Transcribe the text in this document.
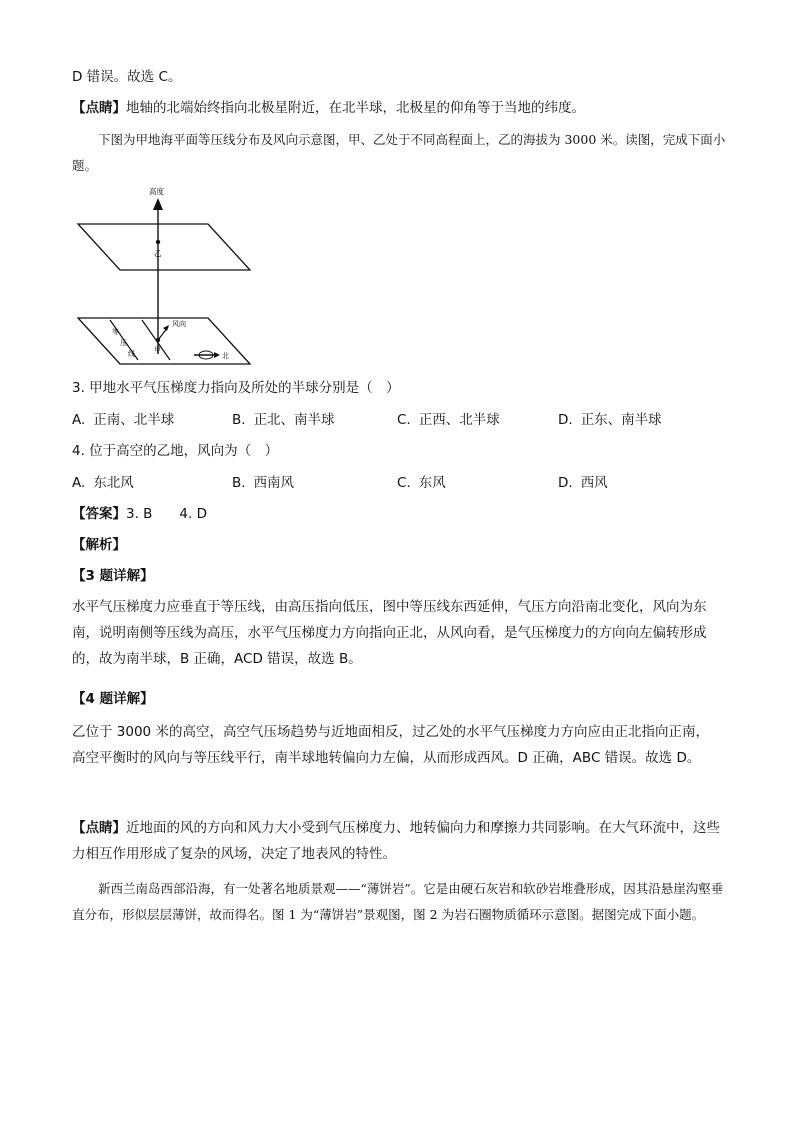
D 错误。故选 C。
【点睛】地轴的北端始终指向北极星附近，在北半球，北极星的仰角等于当地的纬度。
下图为甲地海平面等压线分布及风向示意图，甲、乙处于不同高程面上，乙的海拔为 3000 米。读图，完成下面小题。
高度
乙
等
压
线	甲
风向
北
3. 甲地水平气压梯度力指向及所处的半球分别是（　）
A. 正南、北半球	B. 正北、南半球	C. 正西、北半球	D. 正东、南半球
4. 位于高空的乙地，风向为（　）
A. 东北风	B. 西南风	C. 东风	D. 西风
【答案】3. B　　4. D
【解析】
【3 题详解】
水平气压梯度力应垂直于等压线，由高压指向低压，图中等压线东西延伸，气压方向沿南北变化，风向为东南，说明南侧等压线为高压，水平气压梯度力方向指向正北，从风向看，是气压梯度力的方向向左偏转形成的，故为南半球，B 正确，ACD 错误，故选 B。
【4 题详解】
乙位于 3000 米的高空，高空气压场趋势与近地面相反，过乙处的水平气压梯度力方向应由正北指向正南，高空平衡时的风向与等压线平行，南半球地转偏向力左偏，从而形成西风。D 正确，ABC 错误。故选 D。
【点睛】近地面的风的方向和风力大小受到气压梯度力、地转偏向力和摩擦力共同影响。在大气环流中，这些力相互作用形成了复杂的风场，决定了地表风的特性。
新西兰南岛西部沿海，有一处著名地质景观——“薄饼岩”。它是由硬石灰岩和软砂岩堆叠形成，因其沿悬崖沟壑垂直分布，形似层层薄饼，故而得名。图 1 为“薄饼岩”景观图，图 2 为岩石圈物质循环示意图。据图完成下面小题。
